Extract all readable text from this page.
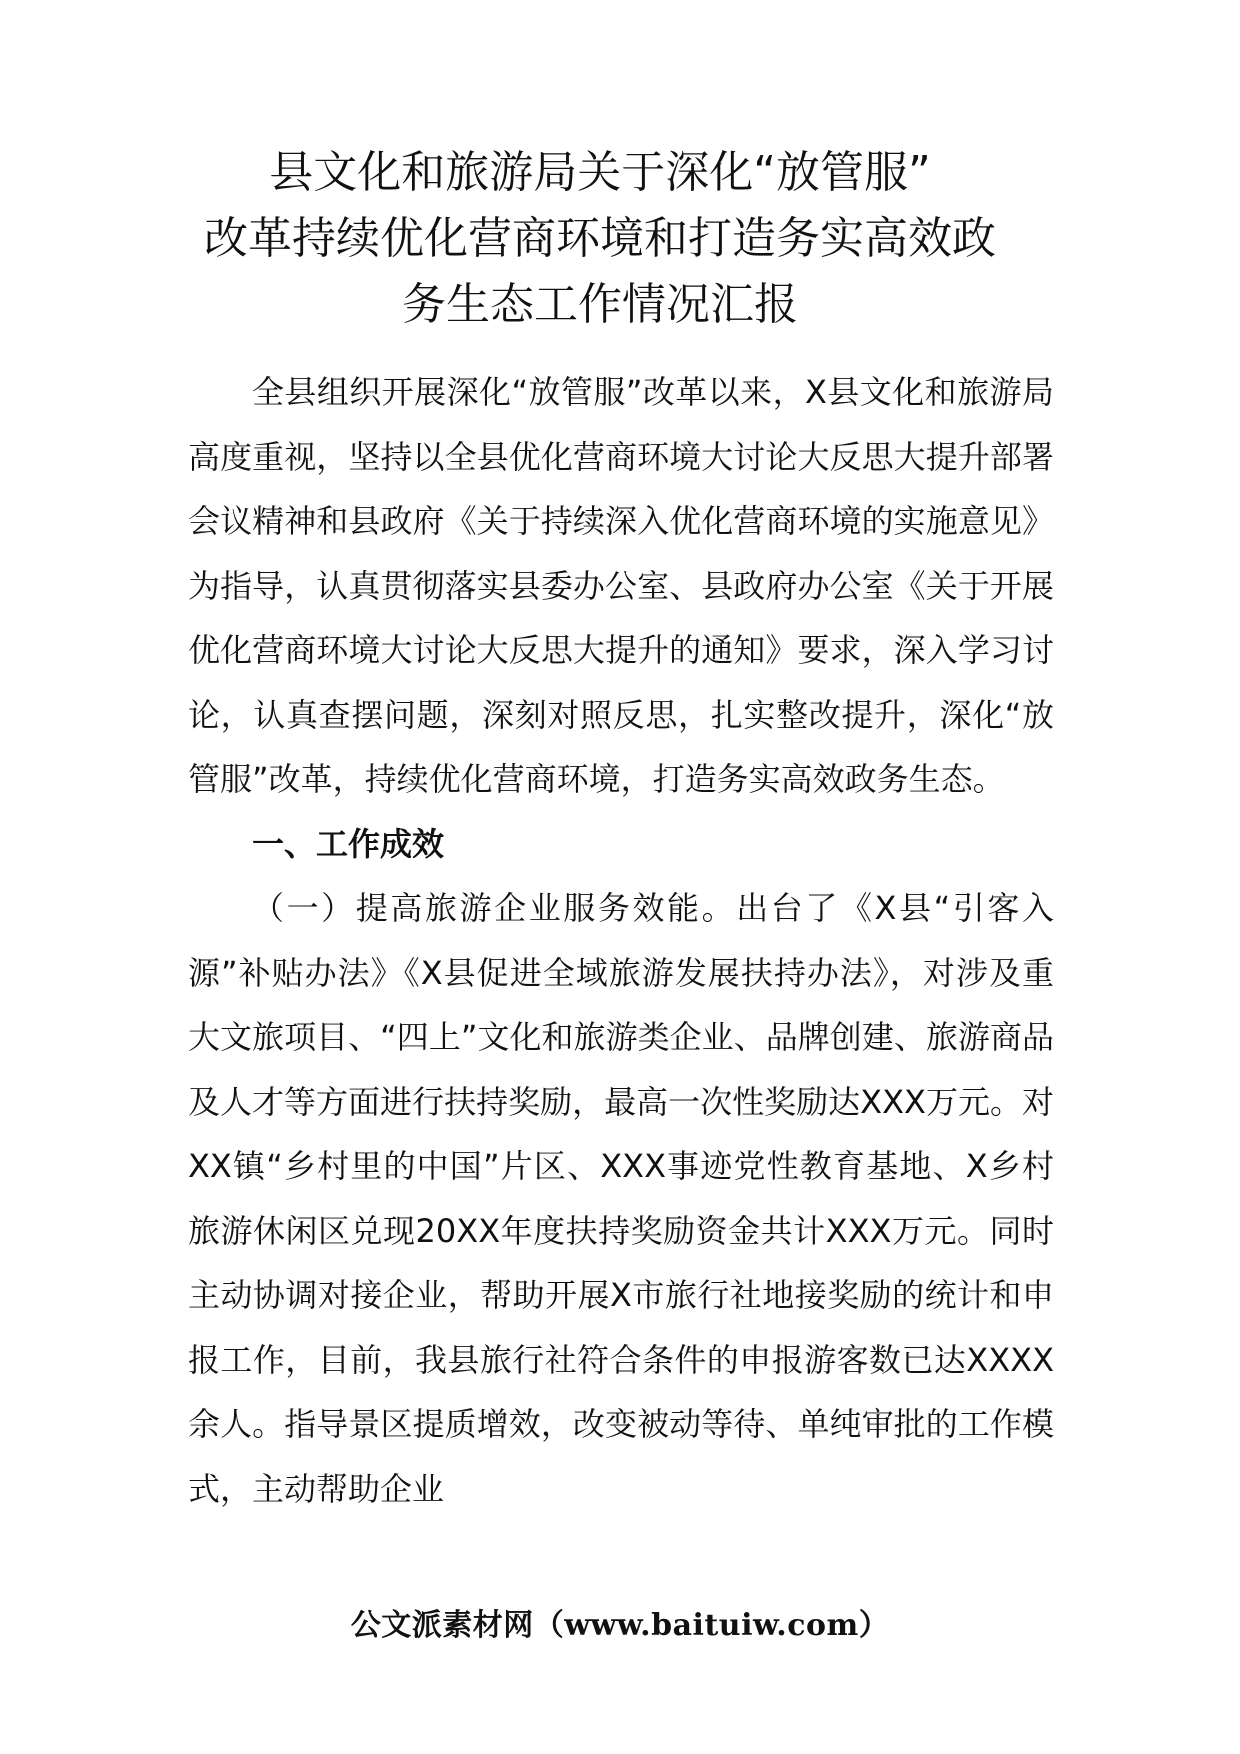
县文化和旅游局关于深化“放管服”
改革持续优化营商环境和打造务实高效政
务生态工作情况汇报

全县组织开展深化“放管服”改革以来，X县文化和旅游局高度重视，坚持以全县优化营商环境大讨论大反思大提升部署会议精神和县政府《关于持续深入优化营商环境的实施意见》为指导，认真贯彻落实县委办公室、县政府办公室《关于开展优化营商环境大讨论大反思大提升的通知》要求，深入学习讨论，认真查摆问题，深刻对照反思，扎实整改提升，深化“放管服”改革，持续优化营商环境，打造务实高效政务生态。

一、工作成效

（一）提高旅游企业服务效能。出台了《X县“引客入源”补贴办法》《X县促进全域旅游发展扶持办法》，对涉及重大文旅项目、“四上”文化和旅游类企业、品牌创建、旅游商品及人才等方面进行扶持奖励，最高一次性奖励达XXX万元。对XX镇“乡村里的中国”片区、XXX事迹党性教育基地、X乡村旅游休闲区兑现20XX年度扶持奖励资金共计XXX万元。同时主动协调对接企业，帮助开展X市旅行社地接奖励的统计和申报工作，目前，我县旅行社符合条件的申报游客数已达XXXX余人。指导景区提质增效，改变被动等待、单纯审批的工作模式，主动帮助企业

公文派素材网（www.baituiw.com）
